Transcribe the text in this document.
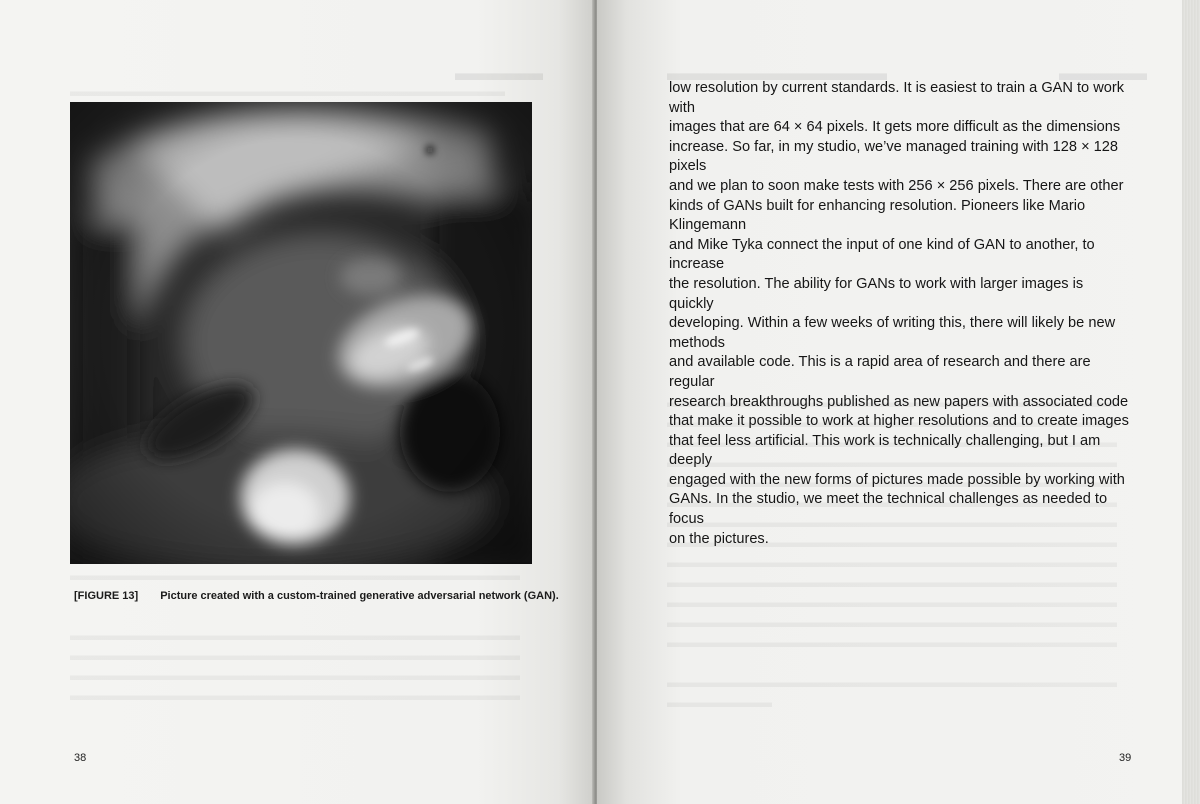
▬▬▬▬
[FIGURE 13] Picture created with a custom-trained generative adversarial network (GAN).
38
▬▬▬▬▬▬▬▬▬▬	▬▬▬▬

low resolution by current standards. It is easiest to train a GAN to work with

images that are 64 × 64 pixels. It gets more difficult as the dimensions

increase. So far, in my studio, we’ve managed training with 128 × 128 pixels

and we plan to soon make tests with 256 × 256 pixels. There are other

kinds of GANs built for enhancing resolution. Pioneers like Mario Klingemann

and Mike Tyka connect the input of one kind of GAN to another, to increase

the resolution. The ability for GANs to work with larger images is quickly

developing. Within a few weeks of writing this, there will likely be new methods

and available code. This is a rapid area of research and there are regular

research breakthroughs published as new papers with associated code

that make it possible to work at higher resolutions and to create images

that feel less artificial. This work is technically challenging, but I am deeply

engaged with the new forms of pictures made possible by working with

GANs. In the studio, we meet the technical challenges as needed to focus

on the pictures.

39
